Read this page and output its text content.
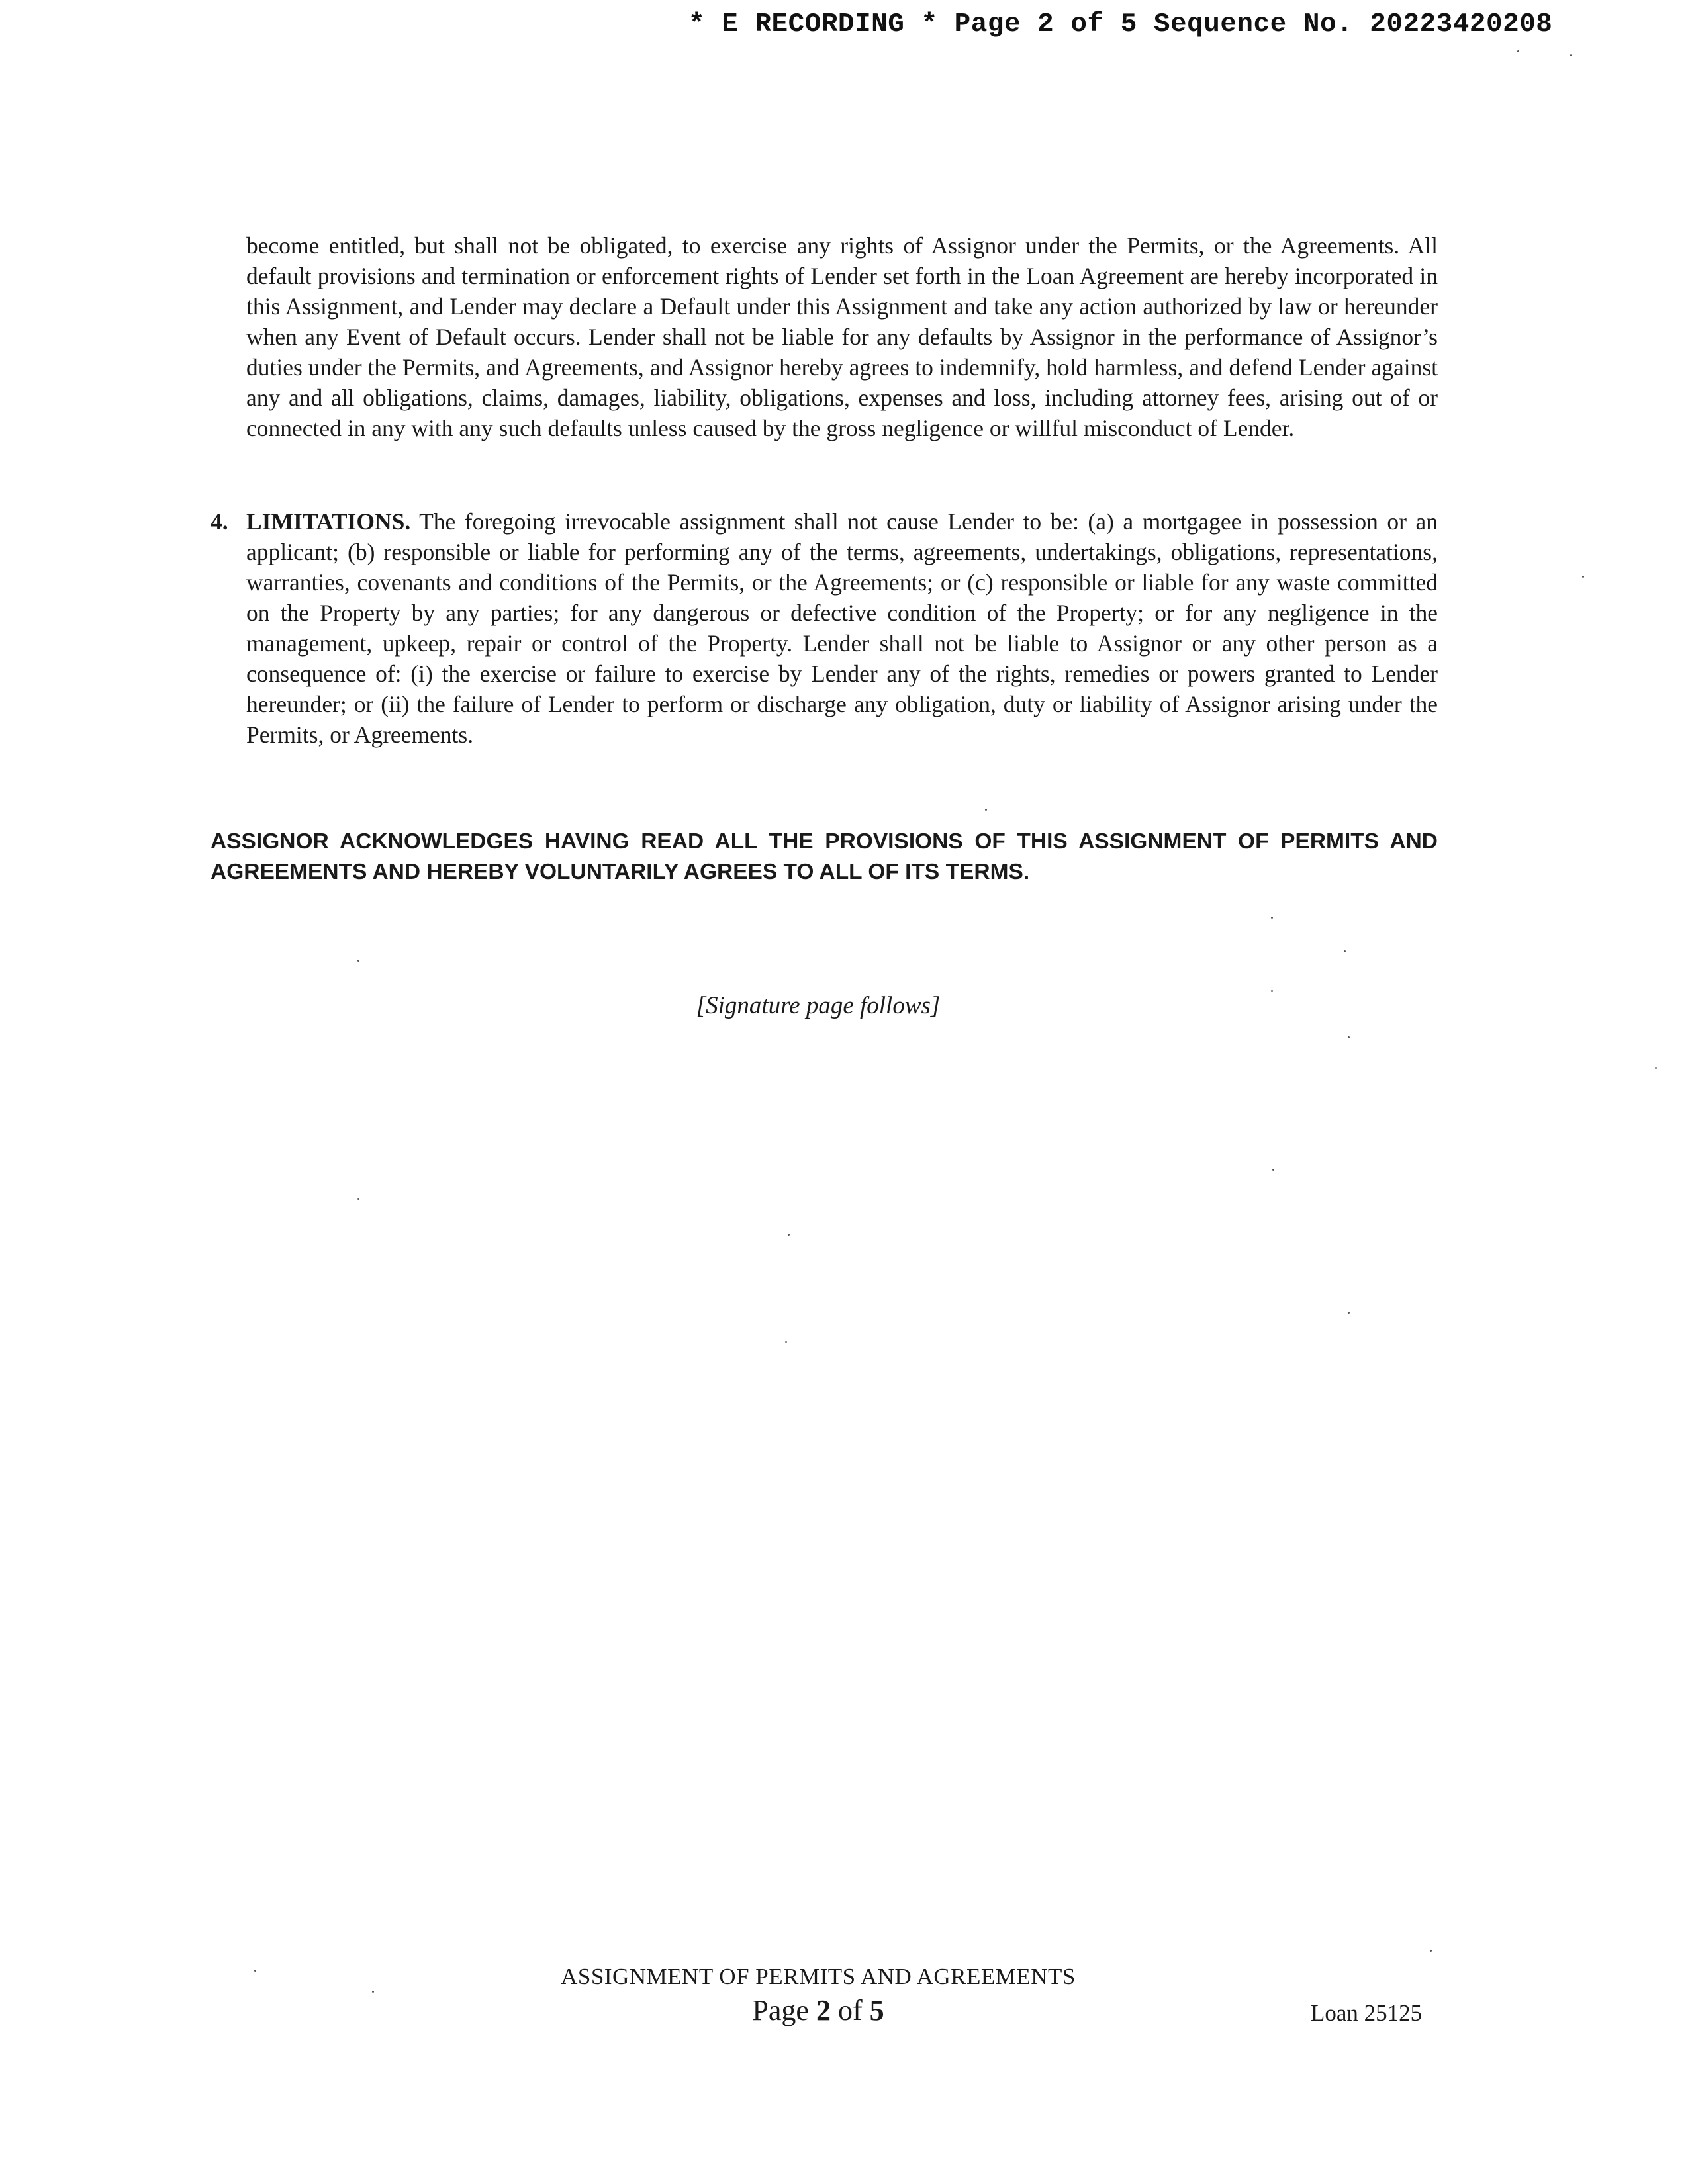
* E RECORDING * Page 2 of 5 Sequence No. 20223420208
become entitled, but shall not be obligated, to exercise any rights of Assignor under the Permits, or the Agreements. All default provisions and termination or enforcement rights of Lender set forth in the Loan Agreement are hereby incorporated in this Assignment, and Lender may declare a Default under this Assignment and take any action authorized by law or hereunder when any Event of Default occurs. Lender shall not be liable for any defaults by Assignor in the performance of Assignor’s duties under the Permits, and Agreements, and Assignor hereby agrees to indemnify, hold harmless, and defend Lender against any and all obligations, claims, damages, liability, obligations, expenses and loss, including attorney fees, arising out of or connected in any with any such defaults unless caused by the gross negligence or willful misconduct of Lender.
4. LIMITATIONS. The foregoing irrevocable assignment shall not cause Lender to be: (a) a mortgagee in possession or an applicant; (b) responsible or liable for performing any of the terms, agreements, undertakings, obligations, representations, warranties, covenants and conditions of the Permits, or the Agreements; or (c) responsible or liable for any waste committed on the Property by any parties; for any dangerous or defective condition of the Property; or for any negligence in the management, upkeep, repair or control of the Property. Lender shall not be liable to Assignor or any other person as a consequence of: (i) the exercise or failure to exercise by Lender any of the rights, remedies or powers granted to Lender hereunder; or (ii) the failure of Lender to perform or discharge any obligation, duty or liability of Assignor arising under the Permits, or Agreements.
ASSIGNOR ACKNOWLEDGES HAVING READ ALL THE PROVISIONS OF THIS ASSIGNMENT OF PERMITS AND AGREEMENTS AND HEREBY VOLUNTARILY AGREES TO ALL OF ITS TERMS.
[Signature page follows]
ASSIGNMENT OF PERMITS AND AGREEMENTS
Page 2 of 5	Loan 25125
